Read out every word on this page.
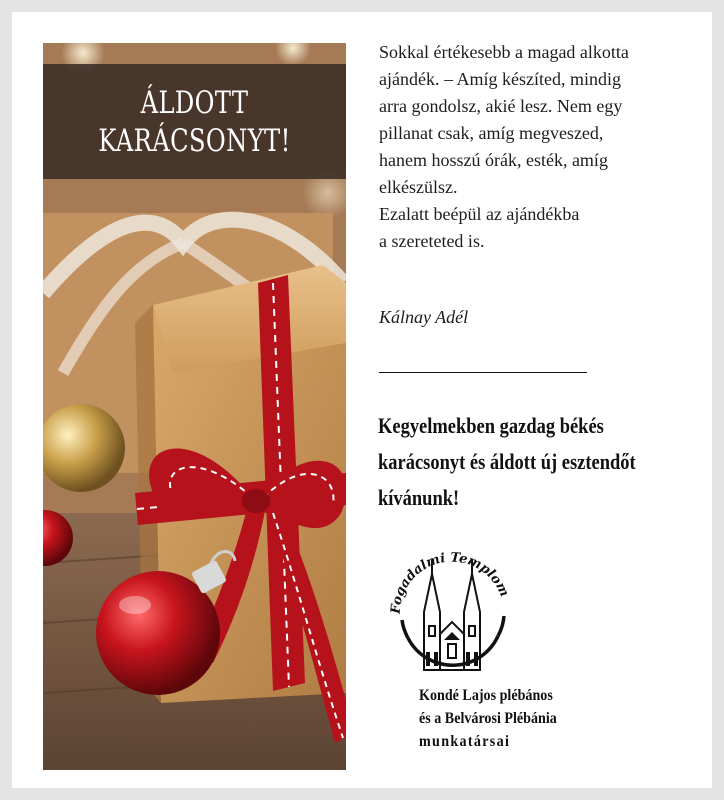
ÁLDOTT
KARÁCSONYT!

Sokkal értékesebb a magad alkotta

ajándék. – Amíg készíted, mindig

arra gondolsz, akié lesz. Nem egy

pillanat csak, amíg megveszed,

hanem hosszú órák, esték, amíg

elkészülsz.

Ezalatt beépül az ajándékba

a szereteted is.

Kálnay Adél

Kegyelmekben gazdag békés

karácsonyt és áldott új esztendőt

kívánunk!

Fogadalmi Templom

Kondé Lajos plébános

és a Belvárosi Plébánia

munkatársai
